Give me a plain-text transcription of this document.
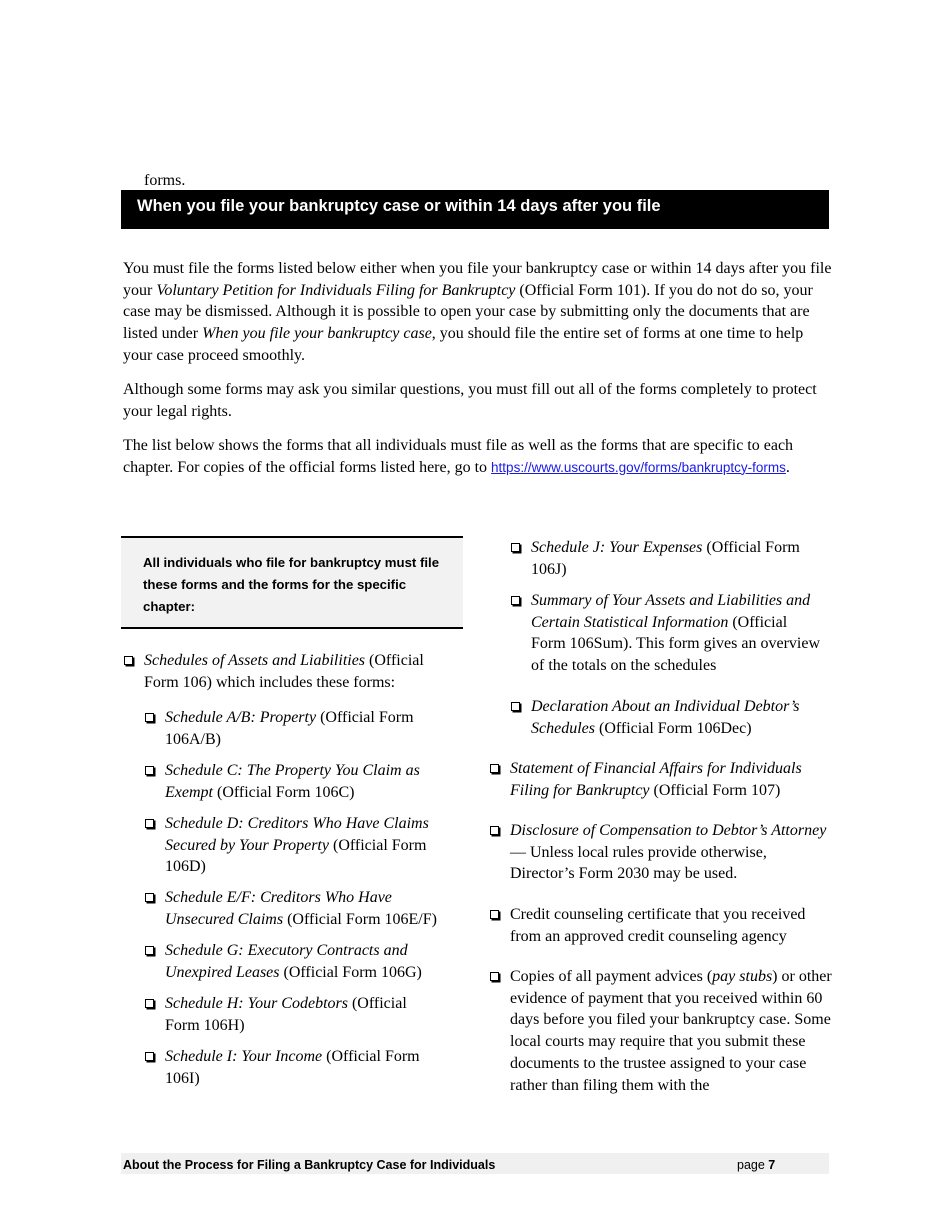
forms.
When you file your bankruptcy case or within 14 days after you file
You must file the forms listed below either when you file your bankruptcy case or within 14 days after you file your Voluntary Petition for Individuals Filing for Bankruptcy (Official Form 101). If you do not do so, your case may be dismissed. Although it is possible to open your case by submitting only the documents that are listed under When you file your bankruptcy case, you should file the entire set of forms at one time to help your case proceed smoothly.
Although some forms may ask you similar questions, you must fill out all of the forms completely to protect your legal rights.
The list below shows the forms that all individuals must file as well as the forms that are specific to each chapter. For copies of the official forms listed here, go to https://www.uscourts.gov/forms/bankruptcy-forms.
All individuals who file for bankruptcy must file these forms and the forms for the specific chapter:
Schedules of Assets and Liabilities (Official Form 106) which includes these forms:
Schedule A/B: Property (Official Form 106A/B)
Schedule C: The Property You Claim as Exempt (Official Form 106C)
Schedule D: Creditors Who Have Claims Secured by Your Property (Official Form 106D)
Schedule E/F: Creditors Who Have Unsecured Claims (Official Form 106E/F)
Schedule G: Executory Contracts and Unexpired Leases (Official Form 106G)
Schedule H: Your Codebtors (Official Form 106H)
Schedule I: Your Income (Official Form 106I)
Schedule J: Your Expenses (Official Form 106J)
Summary of Your Assets and Liabilities and Certain Statistical Information (Official Form 106Sum). This form gives an overview of the totals on the schedules
Declaration About an Individual Debtor’s Schedules (Official Form 106Dec)
Statement of Financial Affairs for Individuals Filing for Bankruptcy (Official Form 107)
Disclosure of Compensation to Debtor’s Attorney — Unless local rules provide otherwise, Director’s Form 2030 may be used.
Credit counseling certificate that you received from an approved credit counseling agency
Copies of all payment advices (pay stubs) or other evidence of payment that you received within 60 days before you filed your bankruptcy case. Some local courts may require that you submit these documents to the trustee assigned to your case rather than filing them with the
About the Process for Filing a Bankruptcy Case for Individuals	page 7
